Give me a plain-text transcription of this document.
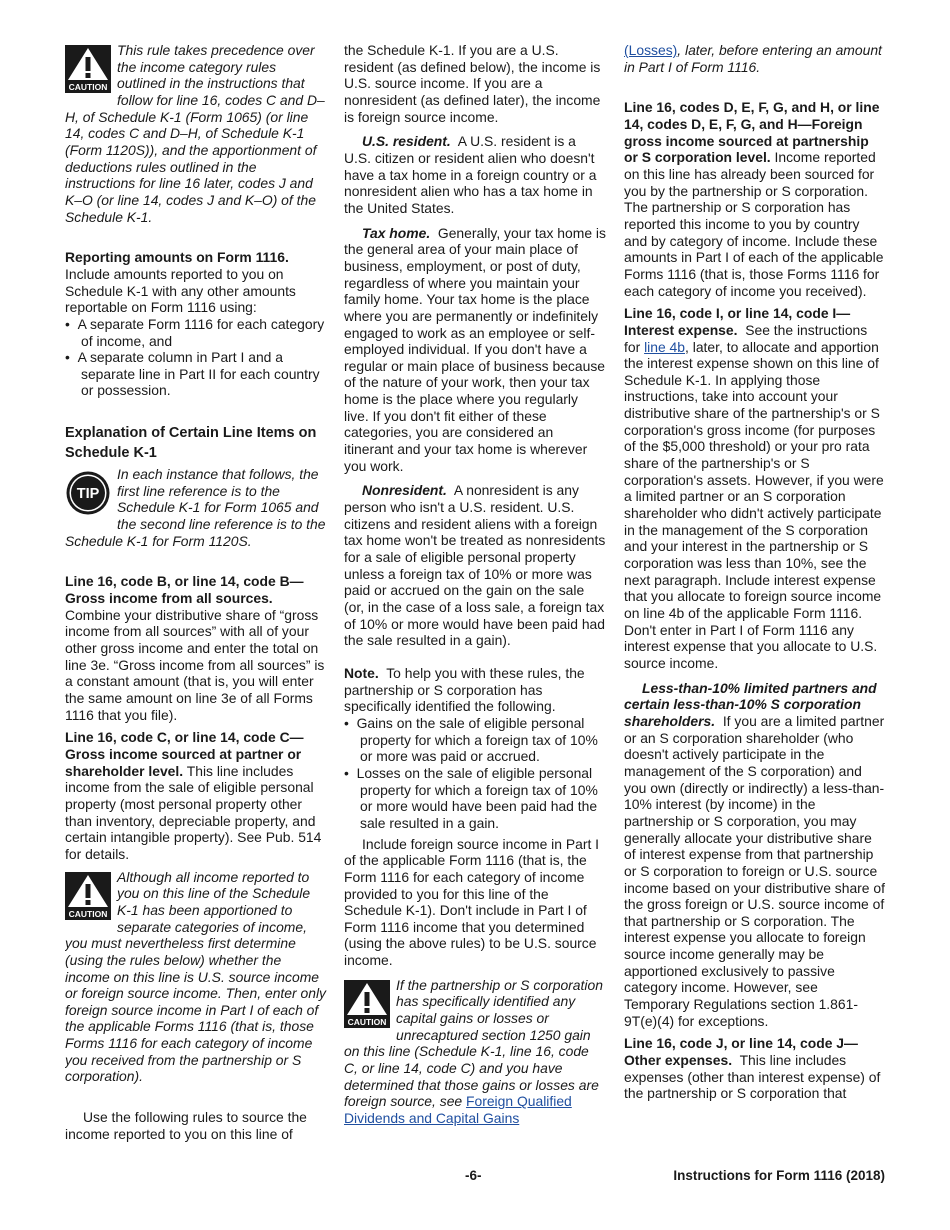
CAUTION

This rule takes precedence over the income category rules outlined in the instructions that follow for line 16, codes C and D–H, of Schedule K-1 (Form 1065) (or line 14, codes C and D–H, of Schedule K-1 (Form 1120S)), and the apportionment of deductions rules outlined in the instructions for line 16 later, codes J and K–O (or line 14, codes J and K–O) of the Schedule K-1.

Reporting amounts on Form 1116. Include amounts reported to you on Schedule K-1 with any other amounts reportable on Form 1116 using:

•  A separate Form 1116 for each category of income, and

•  A separate column in Part I and a separate line in Part II for each country or possession.

Explanation of Certain Line Items on Schedule K-1

TIP

In each instance that follows, the first line reference is to the Schedule K-1 for Form 1065 and the second line reference is to the Schedule K-1 for Form 1120S.

Line 16, code B, or line 14, code B—Gross income from all sources. Combine your distributive share of “gross income from all sources” with all of your other gross income and enter the total on line 3e. “Gross income from all sources” is a constant amount (that is, you will enter the same amount on line 3e of all Forms 1116 that you file).

Line 16, code C, or line 14, code C—Gross income sourced at partner or shareholder level. This line includes income from the sale of eligible personal property (most personal property other than inventory, depreciable property, and certain intangible property). See Pub. 514 for details.

CAUTION

Although all income reported to you on this line of the Schedule K-1 has been apportioned to separate categories of income, you must nevertheless first determine (using the rules below) whether the income on this line is U.S. source income or foreign source income. Then, enter only foreign source income in Part I of each of the applicable Forms 1116 (that is, those Forms 1116 for each category of income you received from the partnership or S corporation).

Use the following rules to source the income reported to you on this line of

the Schedule K-1. If you are a U.S. resident (as defined below), the income is U.S. source income. If you are a nonresident (as defined later), the income is foreign source income.

U.S. resident. A U.S. resident is a U.S. citizen or resident alien who doesn't have a tax home in a foreign country or a nonresident alien who has a tax home in the United States.

Tax home. Generally, your tax home is the general area of your main place of business, employment, or post of duty, regardless of where you maintain your family home. Your tax home is the place where you are permanently or indefinitely engaged to work as an employee or self-employed individual. If you don't have a regular or main place of business because of the nature of your work, then your tax home is the place where you regularly live. If you don't fit either of these categories, you are considered an itinerant and your tax home is wherever you work.

Nonresident. A nonresident is any person who isn't a U.S. resident. U.S. citizens and resident aliens with a foreign tax home won't be treated as nonresidents for a sale of eligible personal property unless a foreign tax of 10% or more was paid or accrued on the gain on the sale (or, in the case of a loss sale, a foreign tax of 10% or more would have been paid had the sale resulted in a gain).

Note. To help you with these rules, the partnership or S corporation has specifically identified the following.

•  Gains on the sale of eligible personal property for which a foreign tax of 10% or more was paid or accrued.

•  Losses on the sale of eligible personal property for which a foreign tax of 10% or more would have been paid had the sale resulted in a gain.

Include foreign source income in Part I of the applicable Form 1116 (that is, the Form 1116 for each category of income provided to you for this line of the Schedule K-1). Don't include in Part I of Form 1116 income that you determined (using the above rules) to be U.S. source income.

CAUTION

If the partnership or S corporation has specifically identified any capital gains or losses or unrecaptured section 1250 gain on this line (Schedule K-1, line 16, code C, or line 14, code C) and you have determined that those gains or losses are foreign source, see Foreign Qualified Dividends and Capital Gains

(Losses), later, before entering an amount in Part I of Form 1116.

Line 16, codes D, E, F, G, and H, or line 14, codes D, E, F, G, and H—Foreign gross income sourced at partnership or S corporation level. Income reported on this line has already been sourced for you by the partnership or S corporation. The partnership or S corporation has reported this income to you by country and by category of income. Include these amounts in Part I of each of the applicable Forms 1116 (that is, those Forms 1116 for each category of income you received).

Line 16, code I, or line 14, code I—Interest expense. See the instructions for line 4b, later, to allocate and apportion the interest expense shown on this line of Schedule K-1. In applying those instructions, take into account your distributive share of the partnership's or S corporation's gross income (for purposes of the $5,000 threshold) or your pro rata share of the partnership's or S corporation's assets. However, if you were a limited partner or an S corporation shareholder who didn't actively participate in the management of the S corporation and your interest in the partnership or S corporation was less than 10%, see the next paragraph. Include interest expense that you allocate to foreign source income on line 4b of the applicable Form 1116. Don't enter in Part I of Form 1116 any interest expense that you allocate to U.S. source income.

Less-than-10% limited partners and certain less-than-10% S corporation shareholders. If you are a limited partner or an S corporation shareholder (who doesn't actively participate in the management of the S corporation) and you own (directly or indirectly) a less-than-10% interest (by income) in the partnership or S corporation, you may generally allocate your distributive share of interest expense from that partnership or S corporation to foreign or U.S. source income based on your distributive share of the gross foreign or U.S. source income of that partnership or S corporation. The interest expense you allocate to foreign source income generally may be apportioned exclusively to passive category income. However, see Temporary Regulations section 1.861-9T(e)(4) for exceptions.

Line 16, code J, or line 14, code J—Other expenses. This line includes expenses (other than interest expense) of the partnership or S corporation that

-6-	Instructions for Form 1116 (2018)
